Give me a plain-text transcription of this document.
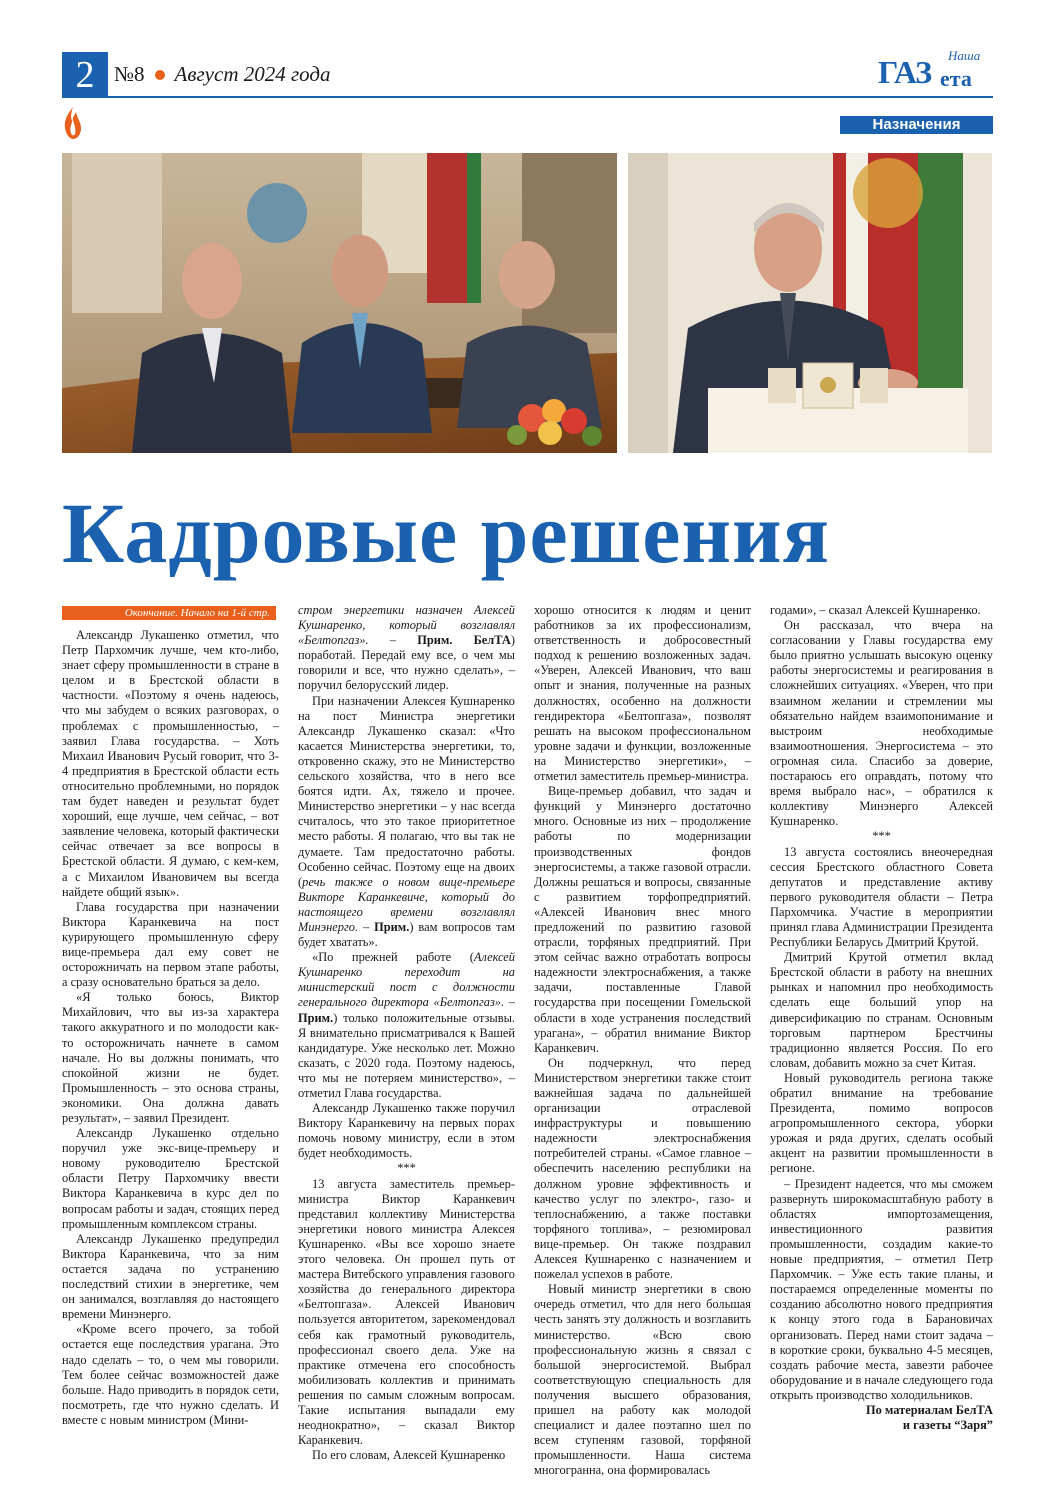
2 №8 Август 2024 года
Наша
ГАЗ ета
Назначения
Кадровые решения
Окончание. Начало на 1-й стр.

Александр Лукашенко отметил, что Петр Пархомчик лучше, чем кто-либо, знает сферу промышленности в стране в целом и в Брестской области в частности. «Поэтому я очень надеюсь, что мы забудем о всяких разговорах, о проблемах с промышленностью, – заявил Глава государства. – Хоть Михаил Иванович Русый говорит, что 3-4 предприятия в Брестской области есть относительно проблемными, но порядок там будет наведен и результат будет хороший, еще лучше, чем сейчас, – вот заявление человека, который фактически сейчас отвечает за все вопросы в Брестской области. Я думаю, с кем-кем, а с Михаилом Ивановичем вы всегда найдете общий язык».

Глава государства при назначении Виктора Каранкевича на пост курирующего промышленную сферу вице-премьера дал ему совет не осторожничать на первом этапе работы, а сразу основательно браться за дело.

«Я только боюсь, Виктор Михайлович, что вы из-за характера такого аккуратного и по молодости как-то осторожничать начнете в самом начале. Но вы должны понимать, что спокойной жизни не будет. Промышленность – это основа страны, экономики. Она должна давать результат», – заявил Президент.

Александр Лукашенко отдельно поручил уже экс-вице-премьеру и новому руководителю Брестской области Петру Пархомчику ввести Виктора Каранкевича в курс дел по вопросам работы и задач, стоящих перед промышленным комплексом страны.

Александр Лукашенко предупредил Виктора Каранкевича, что за ним остается задача по устранению последствий стихии в энергетике, чем он занимался, возглавляя до настоящего времени Минэнерго.

«Кроме всего прочего, за тобой остается еще последствия урагана. Это надо сделать – то, о чем мы говорили. Тем более сейчас возможностей даже больше. Надо приводить в порядок сети, посмотреть, где что нужно сделать. И вместе с новым министром (Мини-

стром энергетики назначен Алексей Кушнаренко, который возглавлял «Белтопгаз». – Прим. БелТА) поработай. Передай ему все, о чем мы говорили и все, что нужно сделать», – поручил белорусский лидер.

При назначении Алексея Кушнаренко на пост Министра энергетики Александр Лукашенко сказал: «Что касается Министерства энергетики, то, откровенно скажу, это не Министерство сельского хозяйства, что в него все боятся идти. Ах, тяжело и прочее. Министерство энергетики – у нас всегда считалось, что это такое приоритетное место работы. Я полагаю, что вы так не думаете. Там предостаточно работы. Особенно сейчас. Поэтому еще на двоих (речь также о новом вице-премьере Викторе Каранкевиче, который до настоящего времени возглавлял Минэнерго. – Прим.) вам вопросов там будет хватать».

«По прежней работе (Алексей Кушнаренко переходит на министерский пост с должности генерального директора «Белтопгаз». – Прим.) только положительные отзывы. Я внимательно присматривался к Вашей кандидатуре. Уже несколько лет. Можно сказать, с 2020 года. Поэтому надеюсь, что мы не потеряем министерство», – отметил Глава государства.

Александр Лукашенко также поручил Виктору Каранкевичу на первых порах помочь новому министру, если в этом будет необходимость.

***

13 августа заместитель премьер-министра Виктор Каранкевич представил коллективу Министерства энергетики нового министра Алексея Кушнаренко. «Вы все хорошо знаете этого человека. Он прошел путь от мастера Витебского управления газового хозяйства до генерального директора «Белтопгаза». Алексей Иванович пользуется авторитетом, зарекомендовал себя как грамотный руководитель, профессионал своего дела. Уже на практике отмечена его способность мобилизовать коллектив и принимать решения по самым сложным вопросам. Такие испытания выпадали ему неоднократно», – сказал Виктор Каранкевич.

По его словам, Алексей Кушнаренко

хорошо относится к людям и ценит работников за их профессионализм, ответственность и добросовестный подход к решению возложенных задач. «Уверен, Алексей Иванович, что ваш опыт и знания, полученные на разных должностях, особенно на должности гендиректора «Белтопгаза», позволят решать на высоком профессиональном уровне задачи и функции, возложенные на Министерство энергетики», – отметил заместитель премьер-министра.

Вице-премьер добавил, что задач и функций у Минэнерго достаточно много. Основные из них – продолжение работы по модернизации производственных фондов энергосистемы, а также газовой отрасли. Должны решаться и вопросы, связанные с развитием торфопредприятий. «Алексей Иванович внес много предложений по развитию газовой отрасли, торфяных предприятий. При этом сейчас важно отработать вопросы надежности электроснабжения, а также задачи, поставленные Главой государства при посещении Гомельской области в ходе устранения последствий урагана», – обратил внимание Виктор Каранкевич.

Он подчеркнул, что перед Министерством энергетики также стоит важнейшая задача по дальнейшей организации отраслевой инфраструктуры и повышению надежности электроснабжения потребителей страны. «Самое главное – обеспечить населению республики на должном уровне эффективность и качество услуг по электро-, газо- и теплоснабжению, а также поставки торфяного топлива», – резюмировал вице-премьер. Он также поздравил Алексея Кушнаренко с назначением и пожелал успехов в работе.

Новый министр энергетики в свою очередь отметил, что для него большая честь занять эту должность и возглавить министерство. «Всю свою профессиональную жизнь я связал с большой энергосистемой. Выбрал соответствующую специальность для получения высшего образования, пришел на работу как молодой специалист и далее поэтапно шел по всем ступеням газовой, торфяной промышленности. Наша система многогранна, она формировалась

годами», – сказал Алексей Кушнаренко.

Он рассказал, что вчера на согласовании у Главы государства ему было приятно услышать высокую оценку работы энергосистемы и реагирования в сложнейших ситуациях. «Уверен, что при взаимном желании и стремлении мы обязательно найдем взаимопонимание и выстроим необходимые взаимоотношения. Энергосистема – это огромная сила. Спасибо за доверие, постараюсь его оправдать, потому что время выбрало нас», – обратился к коллективу Минэнерго Алексей Кушнаренко.

***

13 августа состоялись внеочередная сессия Брестского областного Совета депутатов и представление активу первого руководителя области – Петра Пархомчика. Участие в мероприятии принял глава Администрации Президента Республики Беларусь Дмитрий Крутой.

Дмитрий Крутой отметил вклад Брестской области в работу на внешних рынках и напомнил про необходимость сделать еще больший упор на диверсификацию по странам. Основным торговым партнером Брестчины традиционно является Россия. По его словам, добавить можно за счет Китая.

Новый руководитель региона также обратил внимание на требование Президента, помимо вопросов агропромышленного сектора, уборки урожая и ряда других, сделать особый акцент на развитии промышленности в регионе.

– Президент надеется, что мы сможем развернуть широкомасштабную работу в областях импортозамещения, инвестиционного развития промышленности, создадим какие-то новые предприятия, – отметил Петр Пархомчик. – Уже есть такие планы, и постараемся определенные моменты по созданию абсолютно нового предприятия к концу этого года в Барановичах организовать. Перед нами стоит задача – в короткие сроки, буквально 4-5 месяцев, создать рабочие места, завезти рабочее оборудование и в начале следующего года открыть производство холодильников.

По материалам БелТА

и газеты “Заря”
